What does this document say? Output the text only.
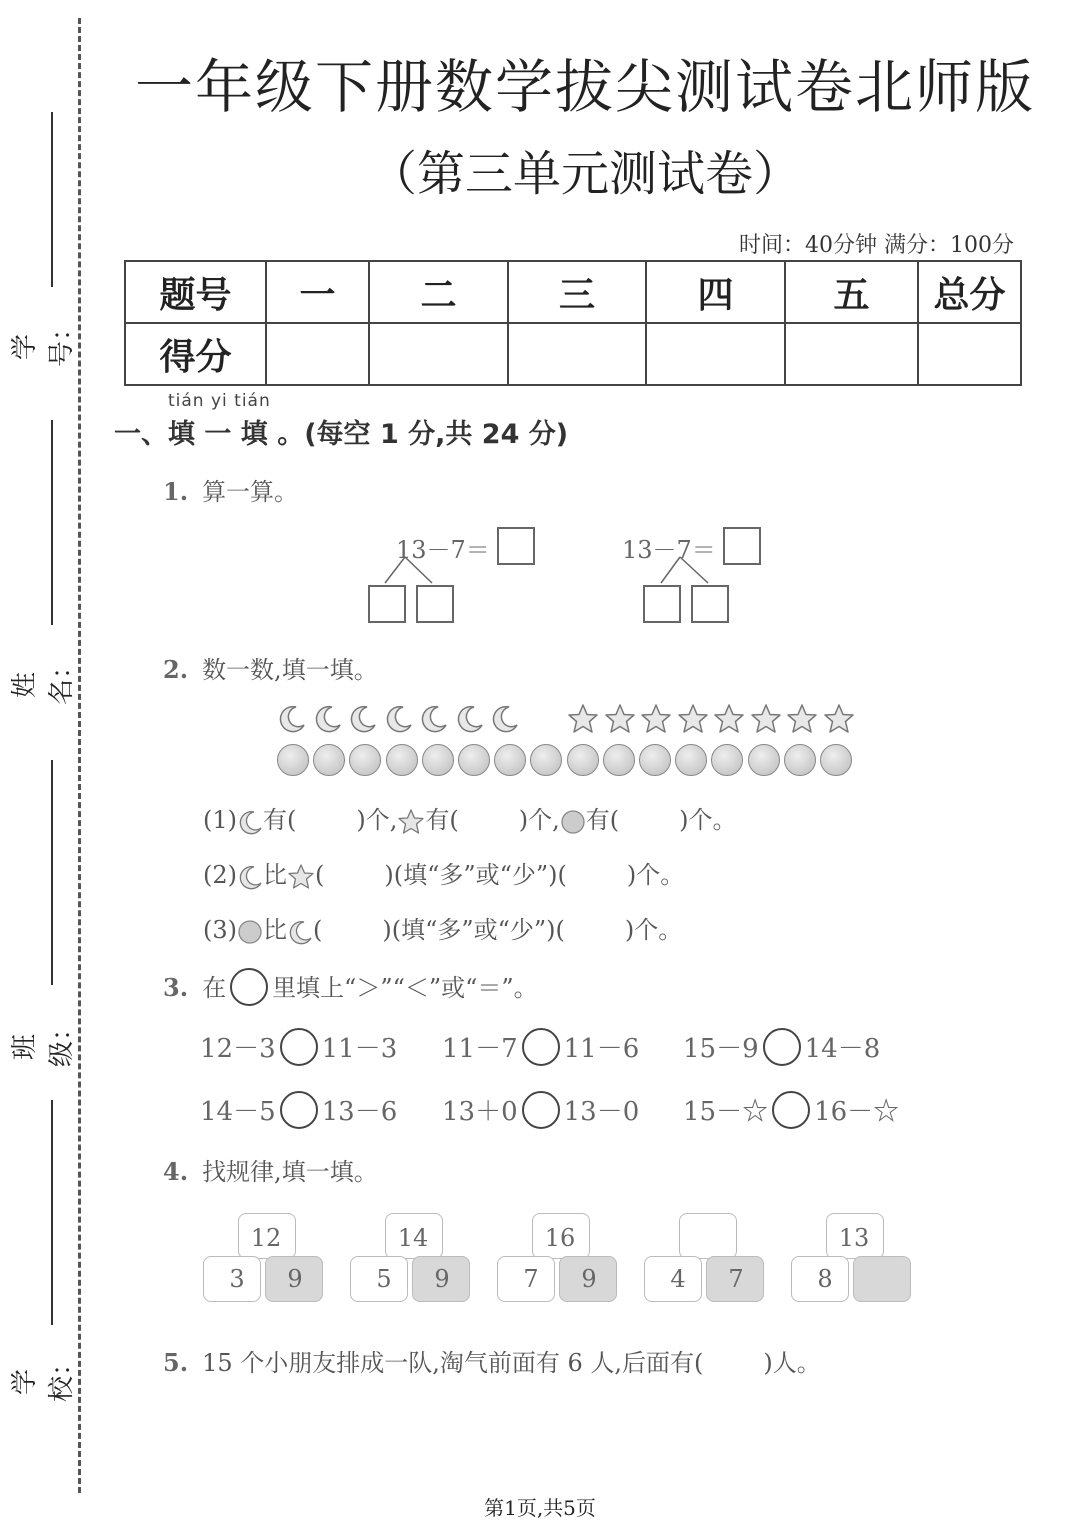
学号：
姓名：
班级：
学校：
一年级下册数学拔尖测试卷北师版
（第三单元测试卷）
时间：40分钟 满分：100分
题号	一	二	三	四	五	总分
得分						
tián yi tián
一、填 一 填 。(每空 1 分,共 24 分)
1. 算一算。
13－7＝	13－7＝
2. 数一数,填一填。
(1) 有(	)个, 有(	)个, 有(	)个。
(2) 比 (	)(填“多”或“少”)(	)个。
(3) 比 (	)(填“多”或“少”)(	)个。
3. 在 里填上“＞”“＜”或“＝”。
12－3 11－3 11－7 11－6 15－9 14－8
14－5 13－6 13＋0 13－0 15－☆ 16－☆
4. 找规律,填一填。
12
3	9
14
5	9
16
7	9	4	7
13
8
5. 15 个小朋友排成一队,淘气前面有 6 人,后面有(	)人。
第1页,共5页
